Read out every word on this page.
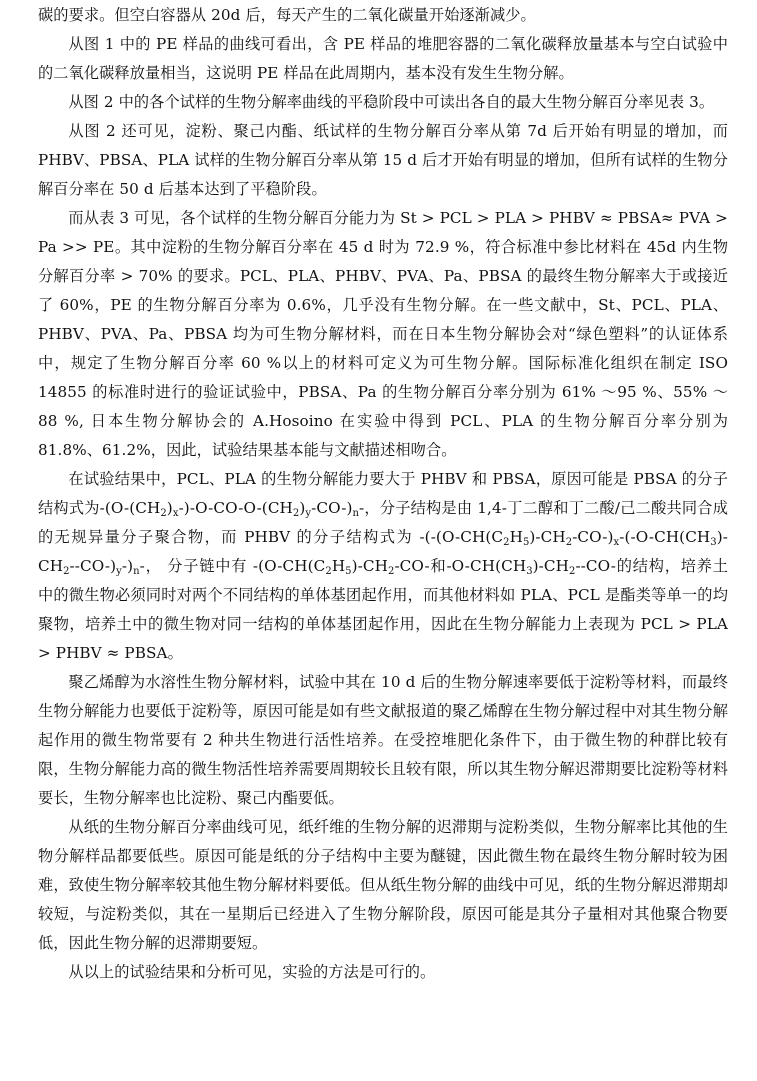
碳的要求。但空白容器从 20d 后，每天产生的二氧化碳量开始逐渐减少。

从图 1 中的 PE 样品的曲线可看出，含 PE 样品的堆肥容器的二氧化碳释放量基本与空白试验中的二氧化碳释放量相当，这说明 PE 样品在此周期内，基本没有发生生物分解。

从图 2 中的各个试样的生物分解率曲线的平稳阶段中可读出各自的最大生物分解百分率见表 3。

从图 2 还可见，淀粉、聚己内酯、纸试样的生物分解百分率从第 7d 后开始有明显的增加，而 PHBV、PBSA、PLA 试样的生物分解百分率从第 15 d 后才开始有明显的增加，但所有试样的生物分解百分率在 50 d 后基本达到了平稳阶段。

而从表 3 可见，各个试样的生物分解百分能力为 St > PCL > PLA > PHBV ≈ PBSA≈ PVA > Pa >> PE。其中淀粉的生物分解百分率在 45 d 时为 72.9 %，符合标准中参比材料在 45d 内生物分解百分率 > 70% 的要求。PCL、PLA、PHBV、PVA、Pa、PBSA 的最终生物分解率大于或接近了 60%，PE 的生物分解百分率为 0.6%，几乎没有生物分解。在一些文献中，St、PCL、PLA、PHBV、PVA、Pa、PBSA 均为可生物分解材料，而在日本生物分解协会对“绿色塑料”的认证体系中，规定了生物分解百分率 60 %以上的材料可定义为可生物分解。国际标准化组织在制定 ISO 14855 的标准时进行的验证试验中，PBSA、Pa 的生物分解百分率分别为 61% ～95 %、55% ～ 88 %, 日本生物分解协会的 A.Hosoino 在实验中得到 PCL、PLA 的生物分解百分率分别为 81.8%、61.2%，因此，试验结果基本能与文献描述相吻合。

在试验结果中，PCL、PLA 的生物分解能力要大于 PHBV 和 PBSA，原因可能是 PBSA 的分子结构式为$-(O-(CH_2)_x-)-O-CO-O-(CH_2)_y-CO-)_n-$，分子结构是由 1,4-丁二醇和丁二酸/己二酸共同合成的无规异量分子聚合物，而 PHBV 的分子结构式为 $-(-(O-CH(C_2H_5)-CH_2-CO-)_x-(-O-CH(CH_3)-CH_2--CO-)_y-)_n-$， 分子链中有 $-(O-CH(C_2H_5)-CH_2-CO-$和$-O-CH(CH_3)-CH_2--CO-$的结构，培养土中的微生物必须同时对两个不同结构的单体基团起作用，而其他材料如 PLA、PCL 是酯类等单一的均聚物，培养土中的微生物对同一结构的单体基团起作用，因此在生物分解能力上表现为 PCL > PLA > PHBV ≈ PBSA。

聚乙烯醇为水溶性生物分解材料，试验中其在 10 d 后的生物分解速率要低于淀粉等材料，而最终生物分解能力也要低于淀粉等，原因可能是如有些文献报道的聚乙烯醇在生物分解过程中对其生物分解起作用的微生物常要有 2 种共生物进行活性培养。在受控堆肥化条件下，由于微生物的种群比较有限，生物分解能力高的微生物活性培养需要周期较长且较有限，所以其生物分解迟滞期要比淀粉等材料要长，生物分解率也比淀粉、聚己内酯要低。

从纸的生物分解百分率曲线可见，纸纤维的生物分解的迟滞期与淀粉类似，生物分解率比其他的生物分解样品都要低些。原因可能是纸的分子结构中主要为醚键，因此微生物在最终生物分解时较为困难，致使生物分解率较其他生物分解材料要低。但从纸生物分解的曲线中可见，纸的生物分解迟滞期却较短，与淀粉类似，其在一星期后已经进入了生物分解阶段，原因可能是其分子量相对其他聚合物要低，因此生物分解的迟滞期要短。

从以上的试验结果和分析可见，实验的方法是可行的。
